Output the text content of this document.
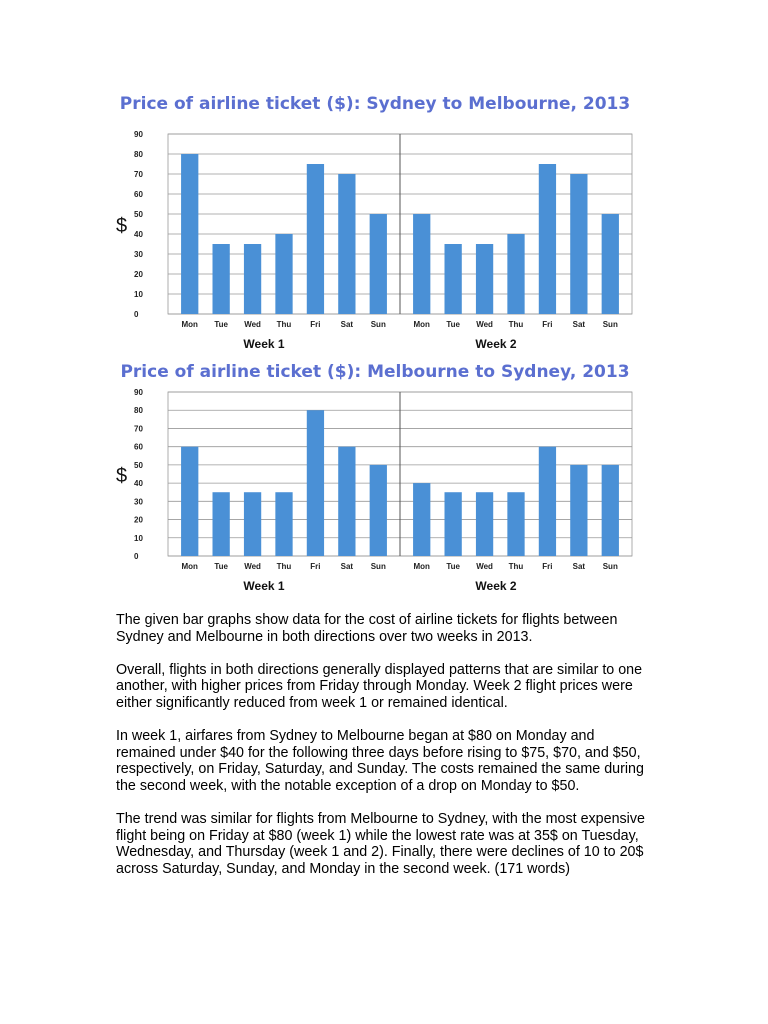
Price of airline ticket ($): Sydney to Melbourne, 2013
0
10
20
30
40
50
60
70
80
90
$
Mon Tue Wed Thu Fri	Sat Sun
Week 1
Mon Tue Wed Thu Fri	Sat Sun
Week 2
Price of airline ticket ($): Melbourne to Sydney, 2013
0
10
20
30
40
50
60
70
80
90
$
Mon Tue Wed Thu Fri	Sat Sun
Week 1
Mon Tue Wed Thu Fri	Sat Sun
Week 2

The given bar graphs show data for the cost of airline tickets for flights between Sydney and Melbourne in both directions over two weeks in 2013.

Overall, flights in both directions generally displayed patterns that are similar to one another, with higher prices from Friday through Monday. Week 2 flight prices were either significantly reduced from week 1 or remained identical.

In week 1, airfares from Sydney to Melbourne began at $80 on Monday and remained under $40 for the following three days before rising to $75, $70, and $50, respectively, on Friday, Saturday, and Sunday. The costs remained the same during the second week, with the notable exception of a drop on Monday to $50.

The trend was similar for flights from Melbourne to Sydney, with the most expensive flight being on Friday at $80 (week 1) while the lowest rate was at 35$ on Tuesday, Wednesday, and Thursday (week 1 and 2). Finally, there were declines of 10 to 20$ across Saturday, Sunday, and Monday in the second week. (171 words)
